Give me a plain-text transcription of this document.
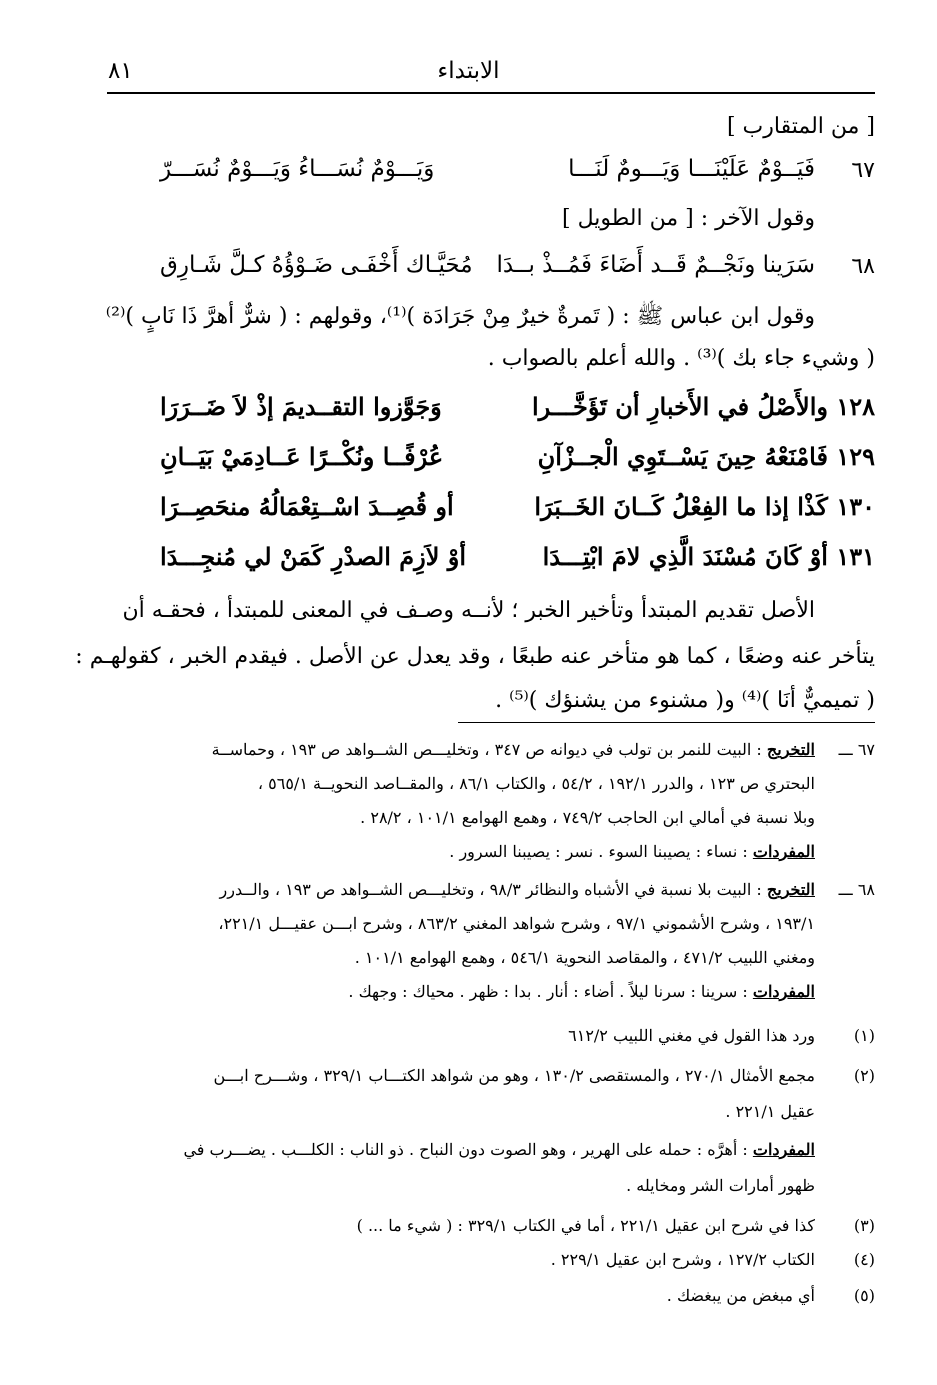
الابتداء
٨١
[ من المتقارب ]
٦٧
فَيَــوْمٌ عَلَيْنَـــا وَيَـــومٌ لَنَـــا
وَيَـــوْمٌ نُسَـــاءُ وَيَـــوْمٌ نُسَـــرّ
وقول الآخر : [ من الطويل ]
٦٨
سَرَينا ونَجْــمٌ قَــد أَضَاءَ فَمُــذْ بــدَا
مُحَيَّـاك أَخْفَـى ضَـوْؤُهُ كـلَّ شَـارِق
وقول ابن عباس ﷺ : ( تَمرةٌ خيرٌ مِنْ جَرَادَة )⁽¹⁾، وقولهم : ( شرٌّ أهرَّ ذَا نَابٍ )⁽²⁾
( وشيء جاء بك )⁽³⁾ . والله أعلم بالصواب .
١٢٨ والأَصْلُ في الأَخبارِ أن تَؤَخَّـــرا
وَجَوَّزوا التقــديمَ إذْ لاَ ضَــرَرَا
١٢٩ فَامْنَعْهُ حِينَ يَسْــتَوِي الْجــزْآنِ
عُرْفًــا ونُكْــرًا عَــادِمَيْ بَيَــانِ
١٣٠ كَذْا إذا ما الفِعْلُ كَــانَ الخَــبَرَا
أو قُصِــدَ اسْــتِعْمَالُهُ منحَصِــرَا
١٣١ أوْ كَانَ مُسْنَدَ الَّذِي لامَ ابْتِـــدَا
أوْ لاَزِمَ الصدْرِ كَمَنْ لي مُنجِـــدَا
الأصل تقديم المبتدأ وتأخير الخبر ؛ لأنــه وصـف في المعنى للمبتدأ ، فحقـه أن
يتأخر عنه وضعًا ، كما هو متأخر عنه طبعًا ، وقد يعدل عن الأصل . فيقدم الخبر ، كقولهـم :
( تميميٌّ أنَا )⁽⁴⁾ و( مشنوء من يشنؤك )⁽⁵⁾ .
٦٧ ـــ
التخريج : البيت للنمر بن تولب في ديوانه ص ٣٤٧ ، وتخليـــص الشــواهد ص ١٩٣ ، وحماســة
البحتري ص ١٢٣ ، والدرر ١٩٢/١ ، ٥٤/٢ ، والكتاب ٨٦/١ ، والمقــاصد النحويــة ٥٦٥/١ ،
وبلا نسبة في أمالي ابن الحاجب ٧٤٩/٢ ، وهمع الهوامع ١٠١/١ ، ٢٨/٢ .
المفردات : نساء : يصيبنا السوء . نسر : يصيبنا السرور .
٦٨ ـــ
التخريج : البيت بلا نسبة في الأشباه والنظائر ٩٨/٣ ، وتخليـــص الشــواهد ص ١٩٣ ، والــدرر
١٩٣/١ ، وشرح الأشموني ٩٧/١ ، وشرح شواهد المغني ٨٦٣/٢ ، وشرح ابـــن عقيـــل ٢٢١/١،
ومغني اللبيب ٤٧١/٢ ، والمقاصد النحوية ٥٤٦/١ ، وهمع الهوامع ١٠١/١ .
المفردات : سرينا : سرنا ليلاً . أضاء : أنار . بدا : ظهر . محياك : وجهك .
(١)
ورد هذا القول في مغني اللبيب ٦١٢/٢
(٢)
مجمع الأمثال ٢٧٠/١ ، والمستقصى ١٣٠/٢ ، وهو من شواهد الكتـــاب ٣٢٩/١ ، وشـــرح ابـــن
عقيل ٢٢١/١ .
المفردات : أهرَّه : حمله على الهرير ، وهو الصوت دون النباح . ذو الناب : الكلـــب . يضـــرب في
ظهور أمارات الشر ومخايله .
(٣)
كذا في شرح ابن عقيل ٢٢١/١ ، أما في الكتاب ٣٢٩/١ : ( شيء ما ... )
(٤)
الكتاب ١٢٧/٢ ، وشرح ابن عقيل ٢٢٩/١ .
(٥)
أي مبغض من يبغضك .
